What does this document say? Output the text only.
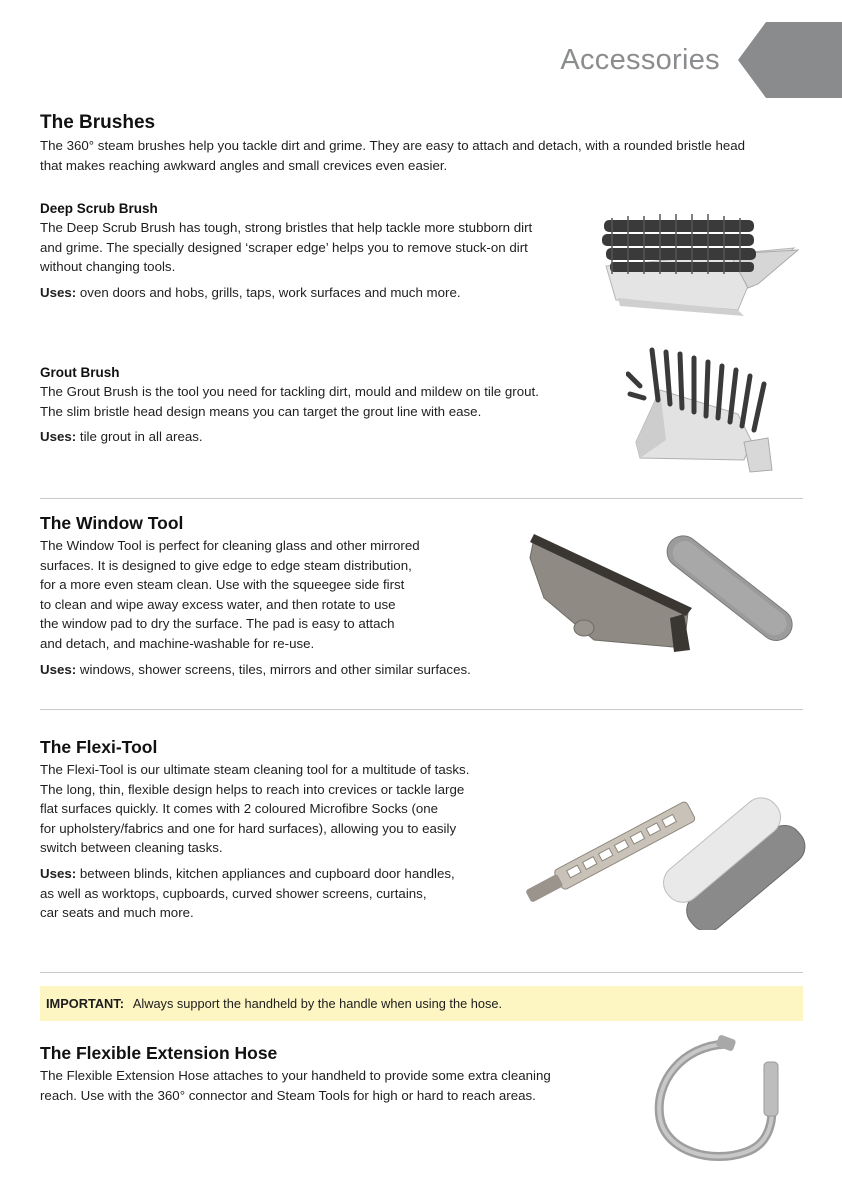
Accessories
The Brushes

The 360° steam brushes help you tackle dirt and grime. They are easy to attach and detach, with a rounded bristle head
that makes reaching awkward angles and small crevices even easier.

Deep Scrub Brush

The Deep Scrub Brush has tough, strong bristles that help tackle more stubborn dirt
and grime. The specially designed ‘scraper edge’ helps you to remove stuck-on dirt
without changing tools.

Uses: oven doors and hobs, grills, taps, work surfaces and much more.

Grout Brush

The Grout Brush is the tool you need for tackling dirt, mould and mildew on tile grout.
The slim bristle head design means you can target the grout line with ease.

Uses: tile grout in all areas.

The Window Tool

The Window Tool is perfect for cleaning glass and other mirrored
surfaces. It is designed to give edge to edge steam distribution,
for a more even steam clean. Use with the squeegee side first
to clean and wipe away excess water, and then rotate to use
the window pad to dry the surface. The pad is easy to attach
and detach, and machine-washable for re-use.

Uses: windows, shower screens, tiles, mirrors and other similar surfaces.

The Flexi-Tool

The Flexi-Tool is our ultimate steam cleaning tool for a multitude of tasks.
The long, thin, flexible design helps to reach into crevices or tackle large
flat surfaces quickly. It comes with 2 coloured Microfibre Socks (one
for upholstery/fabrics and one for hard surfaces), allowing you to easily
switch between cleaning tasks.

Uses: between blinds, kitchen appliances and cupboard door handles,
as well as worktops, cupboards, curved shower screens, curtains,
car seats and much more.

IMPORTANT: Always support the handheld by the handle when using the hose.
The Flexible Extension Hose

The Flexible Extension Hose attaches to your handheld to provide some extra cleaning
reach. Use with the 360° connector and Steam Tools for high or hard to reach areas.
